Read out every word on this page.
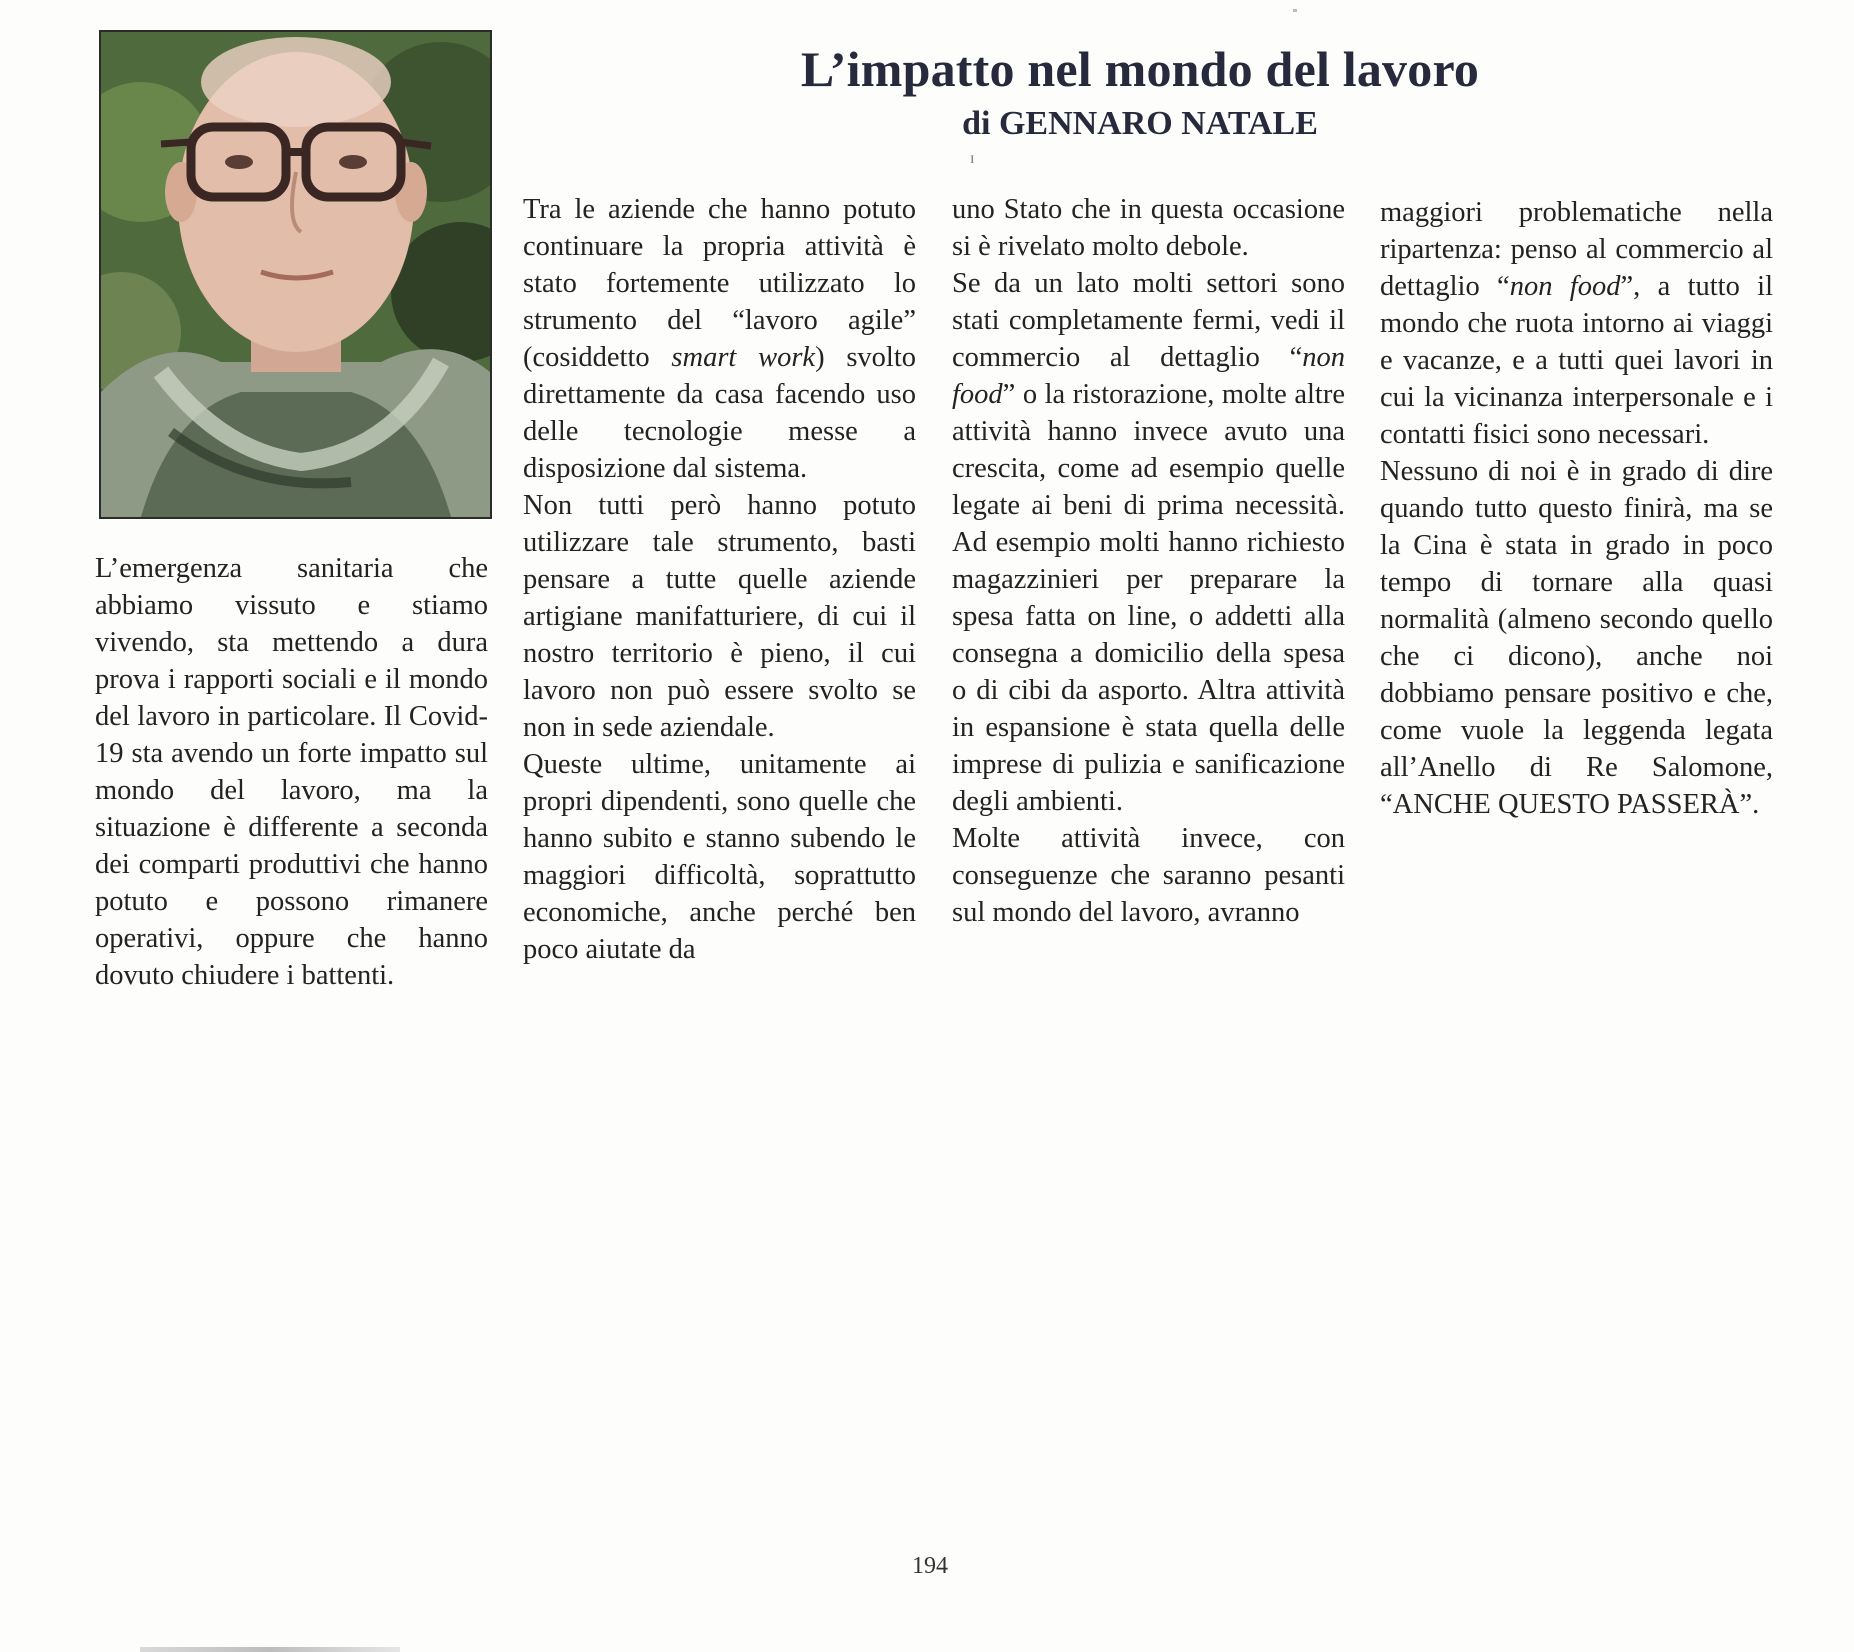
L’impatto nel mondo del lavoro
di GENNARO NATALE
ɪ

L’emergenza sanitaria che abbiamo vissuto e stiamo vivendo, sta mettendo a dura prova i rapporti sociali e il mondo del lavoro in particolare. Il Covid-19 sta avendo un forte impatto sul mondo del lavoro, ma la situazione è differente a seconda dei comparti produttivi che hanno potuto e possono rimanere operativi, oppure che hanno dovuto chiudere i battenti.

Tra le aziende che hanno potuto continuare la propria attività è stato fortemente utilizzato lo strumento del “lavoro agile” (cosiddetto smart work) svolto direttamente da casa facendo uso delle tecnologie messe a disposizione dal sistema.

Non tutti però hanno potuto utilizzare tale strumento, basti pensare a tutte quelle aziende artigiane manifatturiere, di cui il nostro territorio è pieno, il cui lavoro non può essere svolto se non in sede aziendale.

Queste ultime, unitamente ai propri dipendenti, sono quelle che hanno subito e stanno subendo le maggiori difficoltà, soprattutto economiche, anche perché ben poco aiutate da

uno Stato che in questa occasione si è rivelato molto debole.

Se da un lato molti settori sono stati completamente fermi, vedi il commercio al dettaglio “non food” o la ristorazione, molte altre attività hanno invece avuto una crescita, come ad esempio quelle legate ai beni di prima necessità. Ad esempio molti hanno richiesto magazzinieri per preparare la spesa fatta on line, o addetti alla consegna a domicilio della spesa o di cibi da asporto. Altra attività in espansione è stata quella delle imprese di pulizia e sanificazione degli ambienti.

Molte attività invece, con conseguenze che saranno pesanti sul mondo del lavoro, avranno

maggiori problematiche nella ripartenza: penso al commercio al dettaglio “non food”, a tutto il mondo che ruota intorno ai viaggi e vacanze, e a tutti quei lavori in cui la vicinanza interpersonale e i contatti fisici sono necessari.

Nessuno di noi è in grado di dire quando tutto questo finirà, ma se la Cina è stata in grado in poco tempo di tornare alla quasi normalità (almeno secondo quello che ci dicono), anche noi dobbiamo pensare positivo e che, come vuole la leggenda legata all’Anello di Re Salomone, “ANCHE QUESTO PASSERÀ”.

194
